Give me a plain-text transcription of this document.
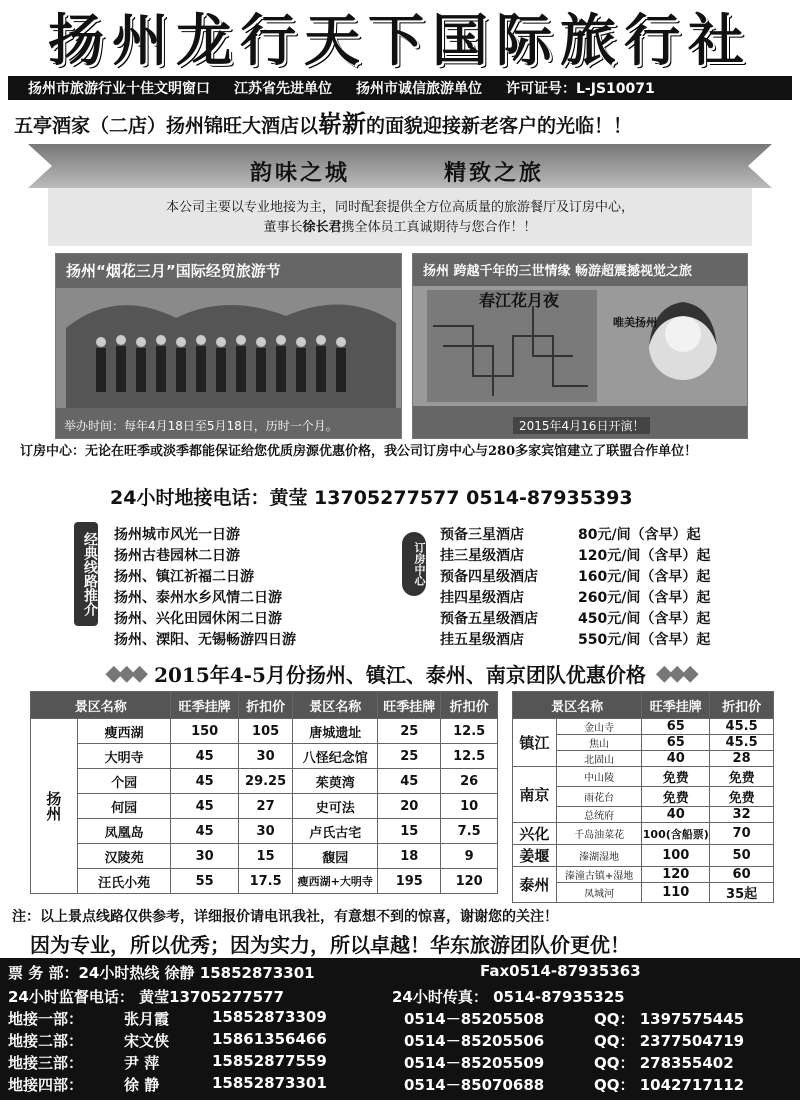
扬州龙行天下国际旅行社
扬州市旅游行业十佳文明窗口 江苏省先进单位 扬州市诚信旅游单位 许可证号：L-JS10071
五亭酒家（二店）扬州锦旺大酒店以崭新的面貌迎接新老客户的光临！！
韵味之城	精致之旅
本公司主要以专业地接为主，同时配套提供全方位高质量的旅游餐厅及订房中心，
董事长徐长君携全体员工真诚期待与您合作！！
扬州“烟花三月”国际经贸旅游节
举办时间：每年4月18日至5月18日，历时一个月。
扬州 跨越千年的三世情缘 畅游超震撼视觉之旅
春江花月夜
唯美扬州
2015年4月16日开演！
订房中心：无论在旺季或淡季都能保证给您优质房源优惠价格，我公司订房中心与280多家宾馆建立了联盟合作单位！
24小时地接电话：黄莹 13705277577 0514-87935393
经典线路推介 扬州城市风光一日游
扬州古巷园林二日游
扬州、镇江祈福二日游
扬州、泰州水乡风情二日游
扬州、兴化田园休闲二日游
扬州、溧阳、无锡畅游四日游
订房中心
预备三星酒店	80元/间（含早）起
挂三星级酒店	120元/间（含早）起
预备四星级酒店	160元/间（含早）起
挂四星级酒店	260元/间（含早）起
预备五星级酒店	450元/间（含早）起
挂五星级酒店	550元/间（含早）起
◆◆◆ 2015年4-5月份扬州、镇江、泰州、南京团队优惠价格 ◆◆◆
景区名称		旺季挂牌	折扣价	景区名称	旺季挂牌	折扣价
扬州	瘦西湖	150	105	唐城遗址	25	12.5
	大明寺	45	30	八怪纪念馆	25	12.5
	个园	45	29.25	茱萸湾	45	26
	何园	45	27	史可法	20	10
	凤凰岛	45	30	卢氏古宅	15	7.5
	汉陵苑	30	15	馥园	18	9
	汪氏小苑	55	17.5	瘦西湖+大明寺	195	120
景区名称		旺季挂牌	折扣价
镇江	金山寺	65	45.5
	焦山	65	45.5
	北固山	40	28
南京	中山陵	免费	免费
	雨花台	免费	免费
	总统府	40	32
兴化	千岛油菜花	100(含船票)	70
姜堰	溱湖湿地	100	50
泰州	溱潼古镇+湿地	120	60
	凤城河	110	35起
注：以上景点线路仅供参考，详细报价请电讯我社，有意想不到的惊喜，谢谢您的关注！
因为专业，所以优秀；因为实力，所以卓越！华东旅游团队价更优！
票 务 部：24小时热线 徐静 15852873301	Fax0514-87935363
24小时监督电话： 黄莹13705277577	24小时传真： 0514-87935325
地接一部：	张月霞	15852873309	0514－85205508	QQ： 1397575445
地接二部：	宋文侠	15861356466	0514－85205506	QQ： 2377504719
地接三部：	尹 萍	15852877559	0514－85205509	QQ： 278355402
地接四部：	徐 静	15852873301	0514－85070688	QQ： 1042717112
